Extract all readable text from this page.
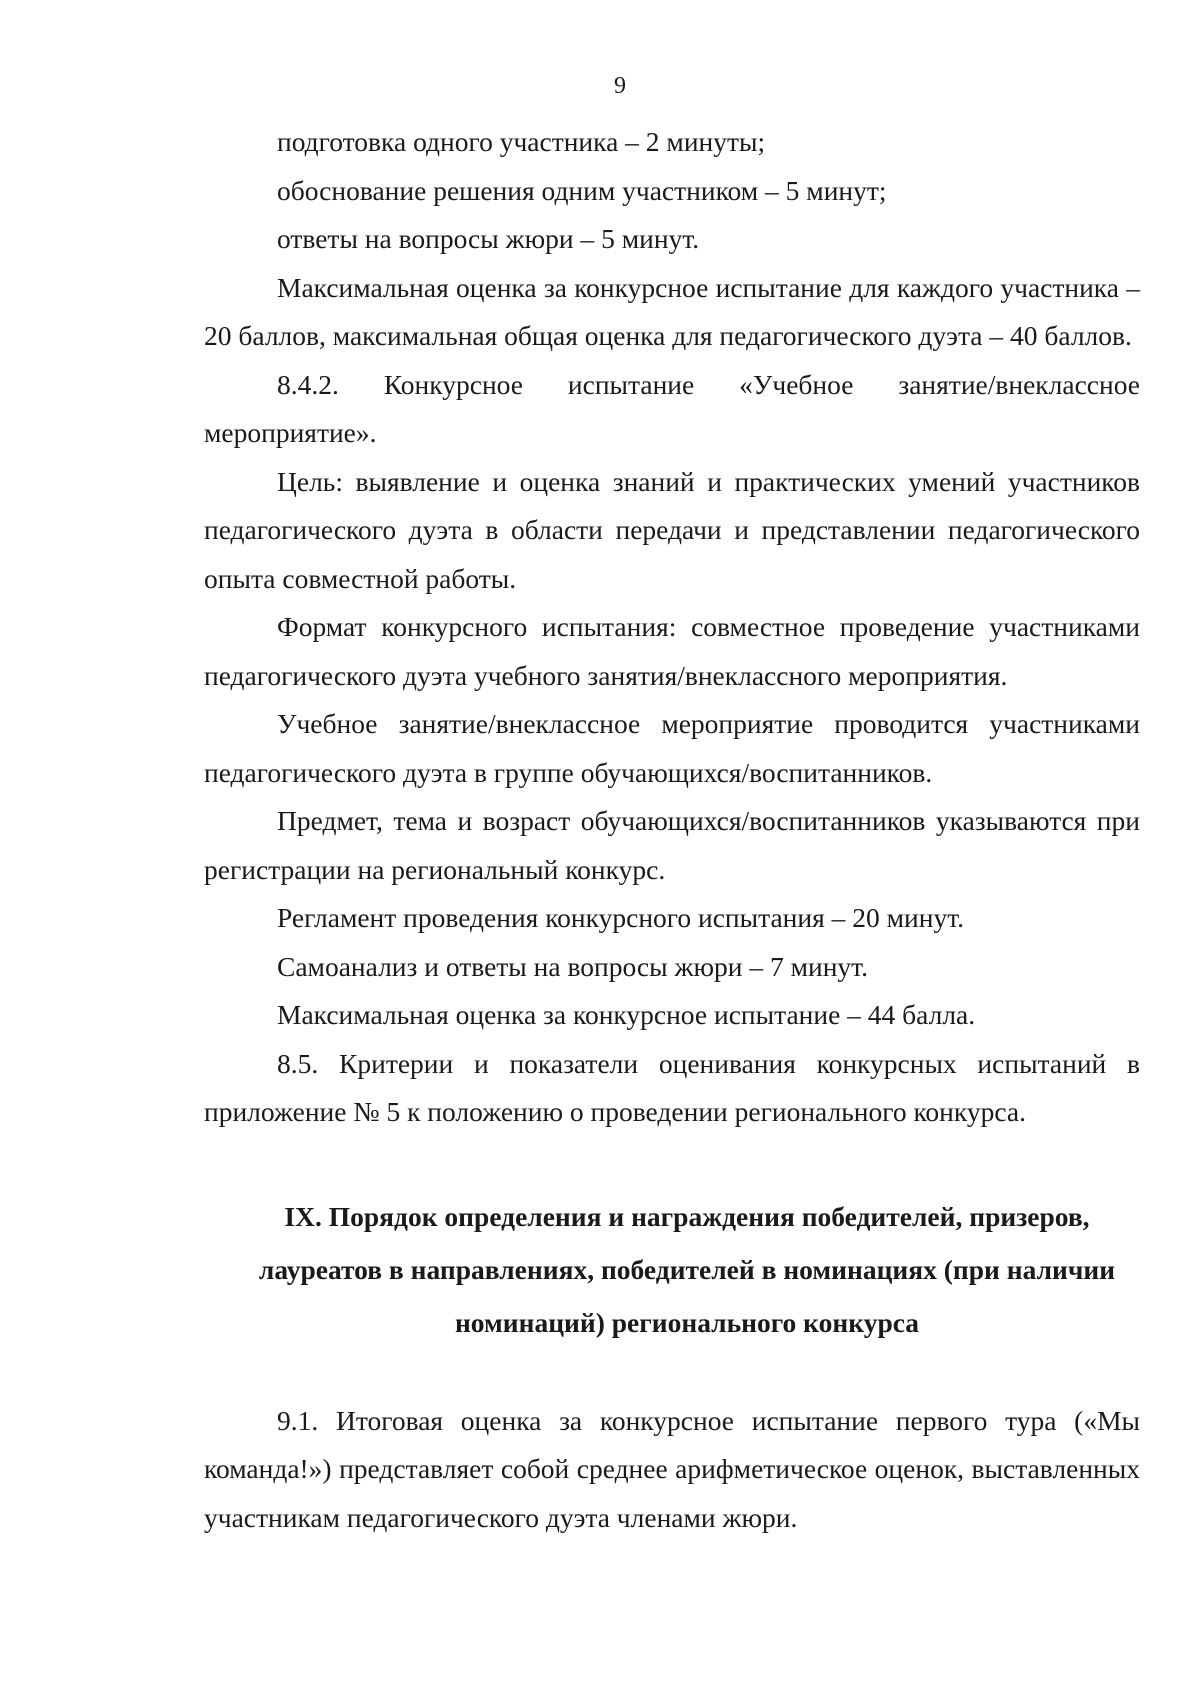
9

подготовка одного участника – 2 минуты;

обоснование решения одним участником – 5 минут;

ответы на вопросы жюри – 5 минут.

Максимальная оценка за конкурсное испытание для каждого участника – 20 баллов, максимальная общая оценка для педагогического дуэта – 40 баллов.

8.4.2. Конкурсное испытание «Учебное занятие/внеклассное мероприятие».

Цель: выявление и оценка знаний и практических умений участников педагогического дуэта в области передачи и представлении педагогического опыта совместной работы.

Формат конкурсного испытания: совместное проведение участниками педагогического дуэта учебного занятия/внеклассного мероприятия.

Учебное занятие/внеклассное мероприятие проводится участниками педагогического дуэта в группе обучающихся/воспитанников.

Предмет, тема и возраст обучающихся/воспитанников указываются при регистрации на региональный конкурс.

Регламент проведения конкурсного испытания – 20 минут.

Самоанализ и ответы на вопросы жюри – 7 минут.

Максимальная оценка за конкурсное испытание – 44 балла.

8.5. Критерии и показатели оценивания конкурсных испытаний в приложение № 5 к положению о проведении регионального конкурса.

IX. Порядок определения и награждения победителей, призеров,
лауреатов в направлениях, победителей в номинациях (при наличии
номинаций) регионального конкурса

9.1. Итоговая оценка за конкурсное испытание первого тура («Мы команда!») представляет собой среднее арифметическое оценок, выставленных участникам педагогического дуэта членами жюри.
